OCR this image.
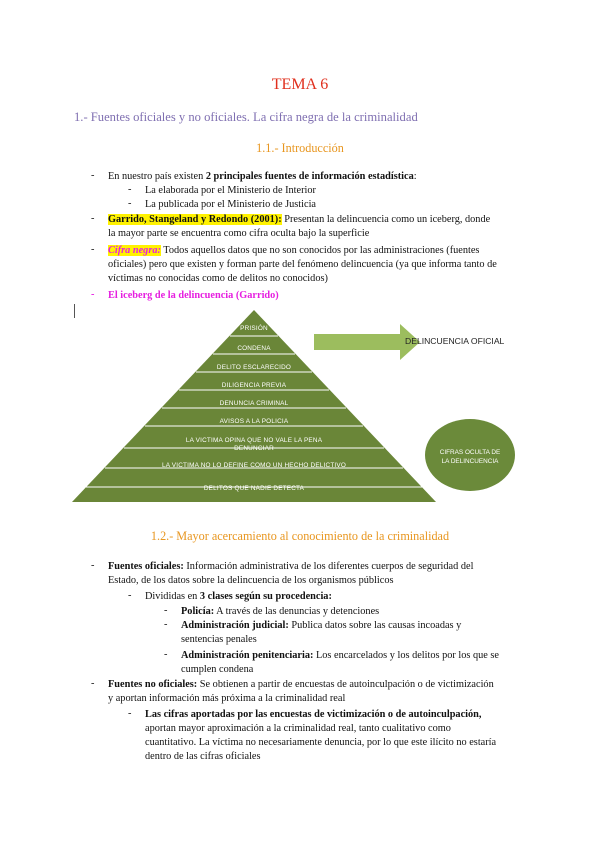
TEMA 6
1.- Fuentes oficiales y no oficiales. La cifra negra de la criminalidad
1.1.- Introducción
- En nuestro país existen 2 principales fuentes de información estadística:
- La elaborada por el Ministerio de Interior
- La publicada por el Ministerio de Justicia
- Garrido, Stangeland y Redondo (2001): Presentan la delincuencia como un iceberg, donde
la mayor parte se encuentra como cifra oculta bajo la superficie
- Cifra negra: Todos aquellos datos que no son conocidos por las administraciones (fuentes
oficiales) pero que existen y forman parte del fenómeno delincuencia (ya que informa tanto de
víctimas no conocidas como de delitos no conocidos)
- El iceberg de la delincuencia (Garrido)
PRISIÓN
CONDENA
DELITO ESCLARECIDO
DILIGENCIA PREVIA
DENUNCIA CRIMINAL
AVISOS A LA POLICIA
LA VICTIMA OPINA QUE NO VALE LA PENA
DENUNCIAR
LA VICTIMA NO LO DEFINE COMO UN HECHO DELICTIVO
DELITOS QUE NADIE DETECTA
DELINCUENCIA OFICIAL
CIFRAS OCULTA DE
LA DELINCUENCIA
1.2.- Mayor acercamiento al conocimiento de la criminalidad
- Fuentes oficiales: Información administrativa de los diferentes cuerpos de seguridad del
Estado, de los datos sobre la delincuencia de los organismos públicos
- Divididas en 3 clases según su procedencia:
- Policía: A través de las denuncias y detenciones
- Administración judicial: Publica datos sobre las causas incoadas y
sentencias penales
- Administración penitenciaria: Los encarcelados y los delitos por los que se
cumplen condena
- Fuentes no oficiales: Se obtienen a partir de encuestas de autoinculpación o de victimización
y aportan información más próxima a la criminalidad real
- Las cifras aportadas por las encuestas de victimización o de autoinculpación,
aportan mayor aproximación a la criminalidad real, tanto cualitativo como
cuantitativo. La víctima no necesariamente denuncia, por lo que este ilícito no estaría
dentro de las cifras oficiales
